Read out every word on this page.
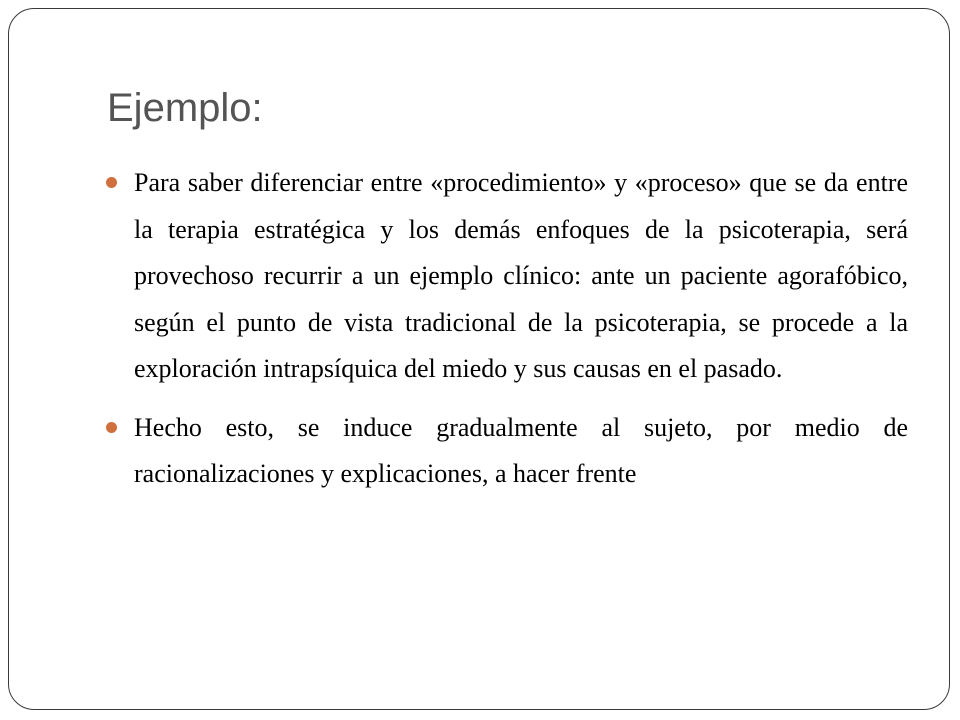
Ejemplo:
Para saber diferenciar entre «procedimiento» y «proceso» que se da entre la terapia estratégica y los demás enfoques de la psicoterapia, será provechoso recurrir a un ejemplo clínico: ante un paciente agorafóbico, según el punto de vista tradicional de la psicoterapia, se procede a la exploración intrapsíquica del miedo y sus causas en el pasado.
Hecho esto, se induce gradualmente al sujeto, por medio de racionalizaciones y explicaciones, a hacer frente
